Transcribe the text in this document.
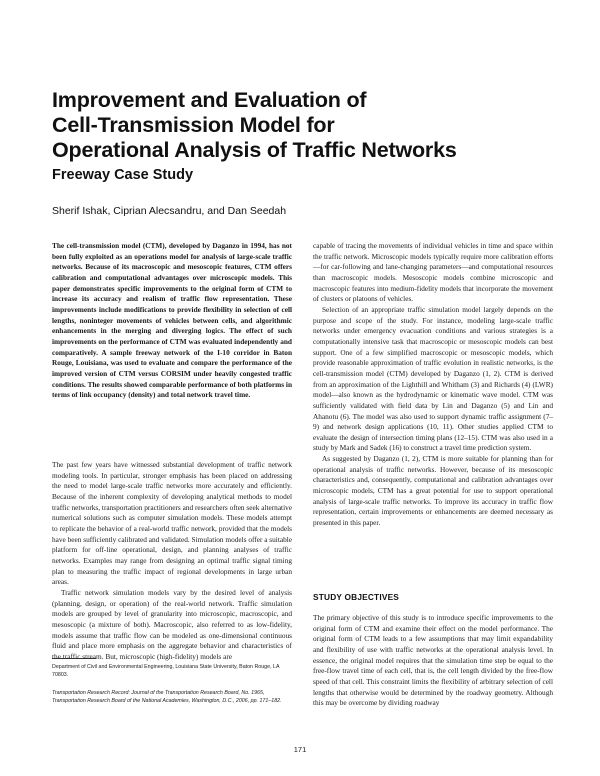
Improvement and Evaluation of
Cell-Transmission Model for
Operational Analysis of Traffic Networks
Freeway Case Study

Sherif Ishak, Ciprian Alecsandru, and Dan Seedah

The cell-transmission model (CTM), developed by Daganzo in 1994, has not been fully exploited as an operations model for analysis of large-scale traffic networks. Because of its macroscopic and mesoscopic features, CTM offers calibration and computational advantages over microscopic models. This paper demonstrates specific improvements to the original form of CTM to increase its accuracy and realism of traffic flow representation. These improvements include modifications to provide flexibility in selection of cell lengths, noninteger movements of vehicles between cells, and algorithmic enhancements in the merging and diverging logics. The effect of such improvements on the performance of CTM was evaluated independently and comparatively. A sample freeway network of the I-10 corridor in Baton Rouge, Louisiana, was used to evaluate and compare the performance of the improved version of CTM versus CORSIM under heavily congested traffic conditions. The results showed comparable performance of both platforms in terms of link occupancy (density) and total network travel time.

The past few years have witnessed substantial development of traffic network modeling tools. In particular, stronger emphasis has been placed on addressing the need to model large-scale traffic networks more accurately and efficiently. Because of the inherent complexity of developing analytical methods to model traffic networks, transportation practitioners and researchers often seek alternative numerical solutions such as computer simulation models. These models attempt to replicate the behavior of a real-world traffic network, provided that the models have been sufficiently calibrated and validated. Simulation models offer a suitable platform for off-line operational, design, and planning analyses of traffic networks. Examples may range from designing an optimal traffic signal timing plan to measuring the traffic impact of regional developments in large urban areas.

Traffic network simulation models vary by the desired level of analysis (planning, design, or operation) of the real-world network. Traffic simulation models are grouped by level of granularity into microscopic, macroscopic, and mesoscopic (a mixture of both). Macroscopic, also referred to as low-fidelity, models assume that traffic flow can be modeled as one-dimensional continuous fluid and place more emphasis on the aggregate behavior and characteristics of the traffic stream. But, microscopic (high-fidelity) models are

Department of Civil and Environmental Engineering, Louisiana State University, Baton Rouge, LA 70803.

Transportation Research Record: Journal of the Transportation Research Board, No. 1965, Transportation Research Board of the National Academies, Washington, D.C., 2006, pp. 171–182.

capable of tracing the movements of individual vehicles in time and space within the traffic network. Microscopic models typically require more calibration efforts—for car-following and lane-changing parameters—and computational resources than macroscopic models. Mesoscopic models combine microscopic and macroscopic features into medium-fidelity models that incorporate the movement of clusters or platoons of vehicles.

Selection of an appropriate traffic simulation model largely depends on the purpose and scope of the study. For instance, modeling large-scale traffic networks under emergency evacuation conditions and various strategies is a computationally intensive task that macroscopic or mesoscopic models can best support. One of a few simplified macroscopic or mesoscopic models, which provide reasonable approximation of traffic evolution in realistic networks, is the cell-transmission model (CTM) developed by Daganzo (1, 2). CTM is derived from an approximation of the Lighthill and Whitham (3) and Richards (4) (LWR) model—also known as the hydrodynamic or kinematic wave model. CTM was sufficiently validated with field data by Lin and Daganzo (5) and Lin and Ahanotu (6). The model was also used to support dynamic traffic assignment (7–9) and network design applications (10, 11). Other studies applied CTM to evaluate the design of intersection timing plans (12–15). CTM was also used in a study by Mark and Sadek (16) to construct a travel time prediction system.

As suggested by Daganzo (1, 2), CTM is more suitable for planning than for operational analysis of traffic networks. However, because of its mesoscopic characteristics and, consequently, computational and calibration advantages over microscopic models, CTM has a great potential for use to support operational analysis of large-scale traffic networks. To improve its accuracy in traffic flow representation, certain improvements or enhancements are deemed necessary as presented in this paper.

STUDY OBJECTIVES

The primary objective of this study is to introduce specific improvements to the original form of CTM and examine their effect on the model performance. The original form of CTM leads to a few assumptions that may limit expandability and flexibility of use with traffic networks at the operational analysis level. In essence, the original model requires that the simulation time step be equal to the free-flow travel time of each cell, that is, the cell length divided by the free-flow speed of that cell. This constraint limits the flexibility of arbitrary selection of cell lengths that otherwise would be determined by the roadway geometry. Although this may be overcome by dividing roadway

171
